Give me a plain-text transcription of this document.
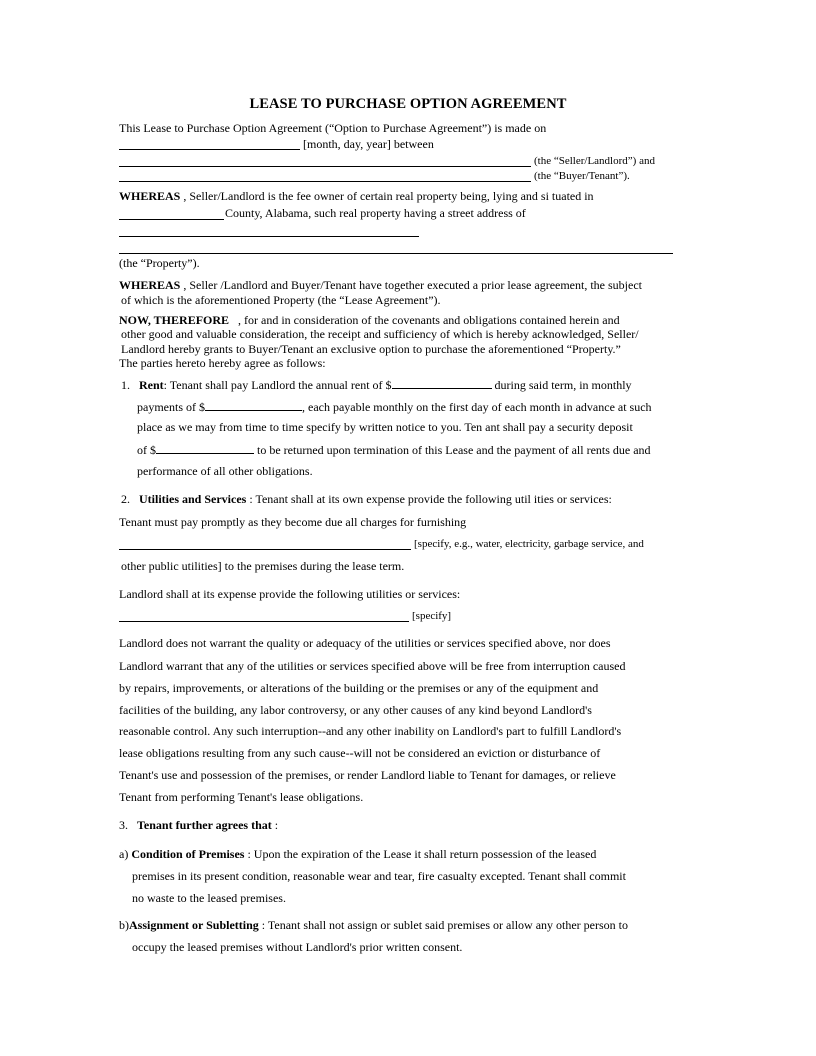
LEASE TO PURCHASE OPTION AGREEMENT
This Lease to Purchase Option Agreement (“Option to Purchase Agreement”) is made on
[month, day, year] between
(the “Seller/Landlord”) and
(the “Buyer/Tenant”).
WHEREAS , Seller/Landlord is the fee owner of certain real property being, lying and si tuated in
County, Alabama, such real property having a street address of
(the “Property”).
WHEREAS , Seller /Landlord and Buyer/Tenant have together executed a prior lease agreement, the subject
of which is the aforementioned Property (the “Lease Agreement”).
NOW, THEREFORE , for and in consideration of the covenants and obligations contained herein and
other good and valuable consideration, the receipt and sufficiency of which is hereby acknowledged, Seller/
Landlord hereby grants to Buyer/Tenant an exclusive option to purchase the aforementioned “Property.”
The parties hereto hereby agree as follows:
1. Rent: Tenant shall pay Landlord the annual rent of $	during said term, in monthly
payments of $	, each payable monthly on the first day of each month in advance at such
place as we may from time to time specify by written notice to you. Ten ant shall pay a security deposit
of $	to be returned upon termination of this Lease and the payment of all rents due and
performance of all other obligations.
2. Utilities and Services : Tenant shall at its own expense provide the following util ities or services:
Tenant must pay promptly as they become due all charges for furnishing
[specify, e.g., water, electricity, garbage service, and
other public utilities] to the premises during the lease term.
Landlord shall at its expense provide the following utilities or services:
[specify]
Landlord does not warrant the quality or adequacy of the utilities or services specified above, nor does
Landlord warrant that any of the utilities or services specified above will be free from interruption caused
by repairs, improvements, or alterations of the building or the premises or any of the equipment and
facilities of the building, any labor controversy, or any other causes of any kind beyond Landlord's
reasonable control. Any such interruption--and any other inability on Landlord's part to fulfill Landlord's
lease obligations resulting from any such cause--will not be considered an eviction or disturbance of
Tenant's use and possession of the premises, or render Landlord liable to Tenant for damages, or relieve
Tenant from performing Tenant's lease obligations.
3. Tenant further agrees that :
a) Condition of Premises : Upon the expiration of the Lease it shall return possession of the leased
premises in its present condition, reasonable wear and tear, fire casualty excepted. Tenant shall commit
no waste to the leased premises.
b)Assignment or Subletting : Tenant shall not assign or sublet said premises or allow any other person to
occupy the leased premises without Landlord's prior written consent.
